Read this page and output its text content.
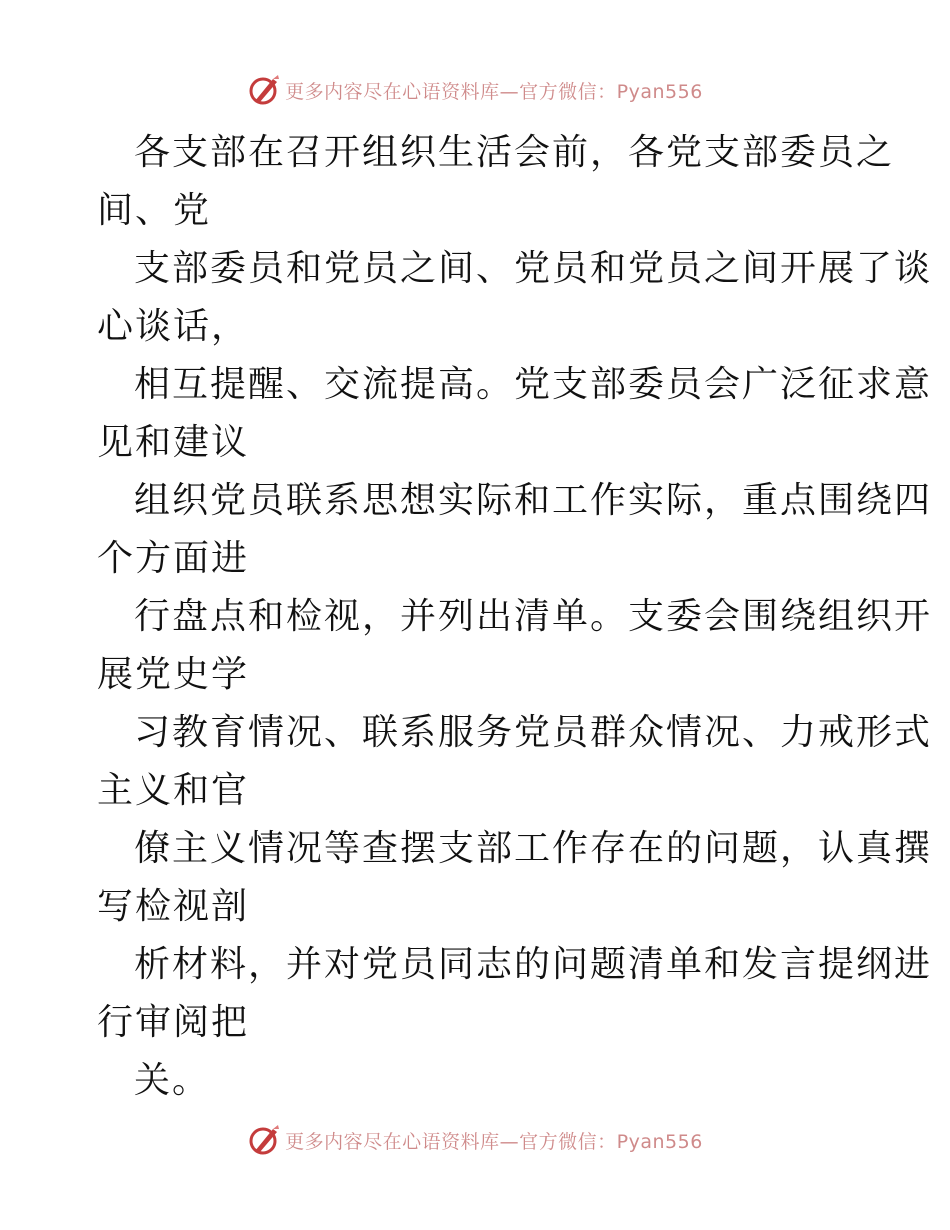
更多内容尽在心语资料库—官方微信：Pyan556
各支部在召开组织生活会前，各党支部委员之
间、党
支部委员和党员之间、党员和党员之间开展了谈
心谈话，
相互提醒、交流提高。党支部委员会广泛征求意
见和建议
组织党员联系思想实际和工作实际，重点围绕四
个方面进
行盘点和检视，并列出清单。支委会围绕组织开
展党史学
习教育情况、联系服务党员群众情况、力戒形式
主义和官
僚主义情况等查摆支部工作存在的问题，认真撰
写检视剖
析材料，并对党员同志的问题清单和发言提纲进
行审阅把
关。
更多内容尽在心语资料库—官方微信：Pyan556
